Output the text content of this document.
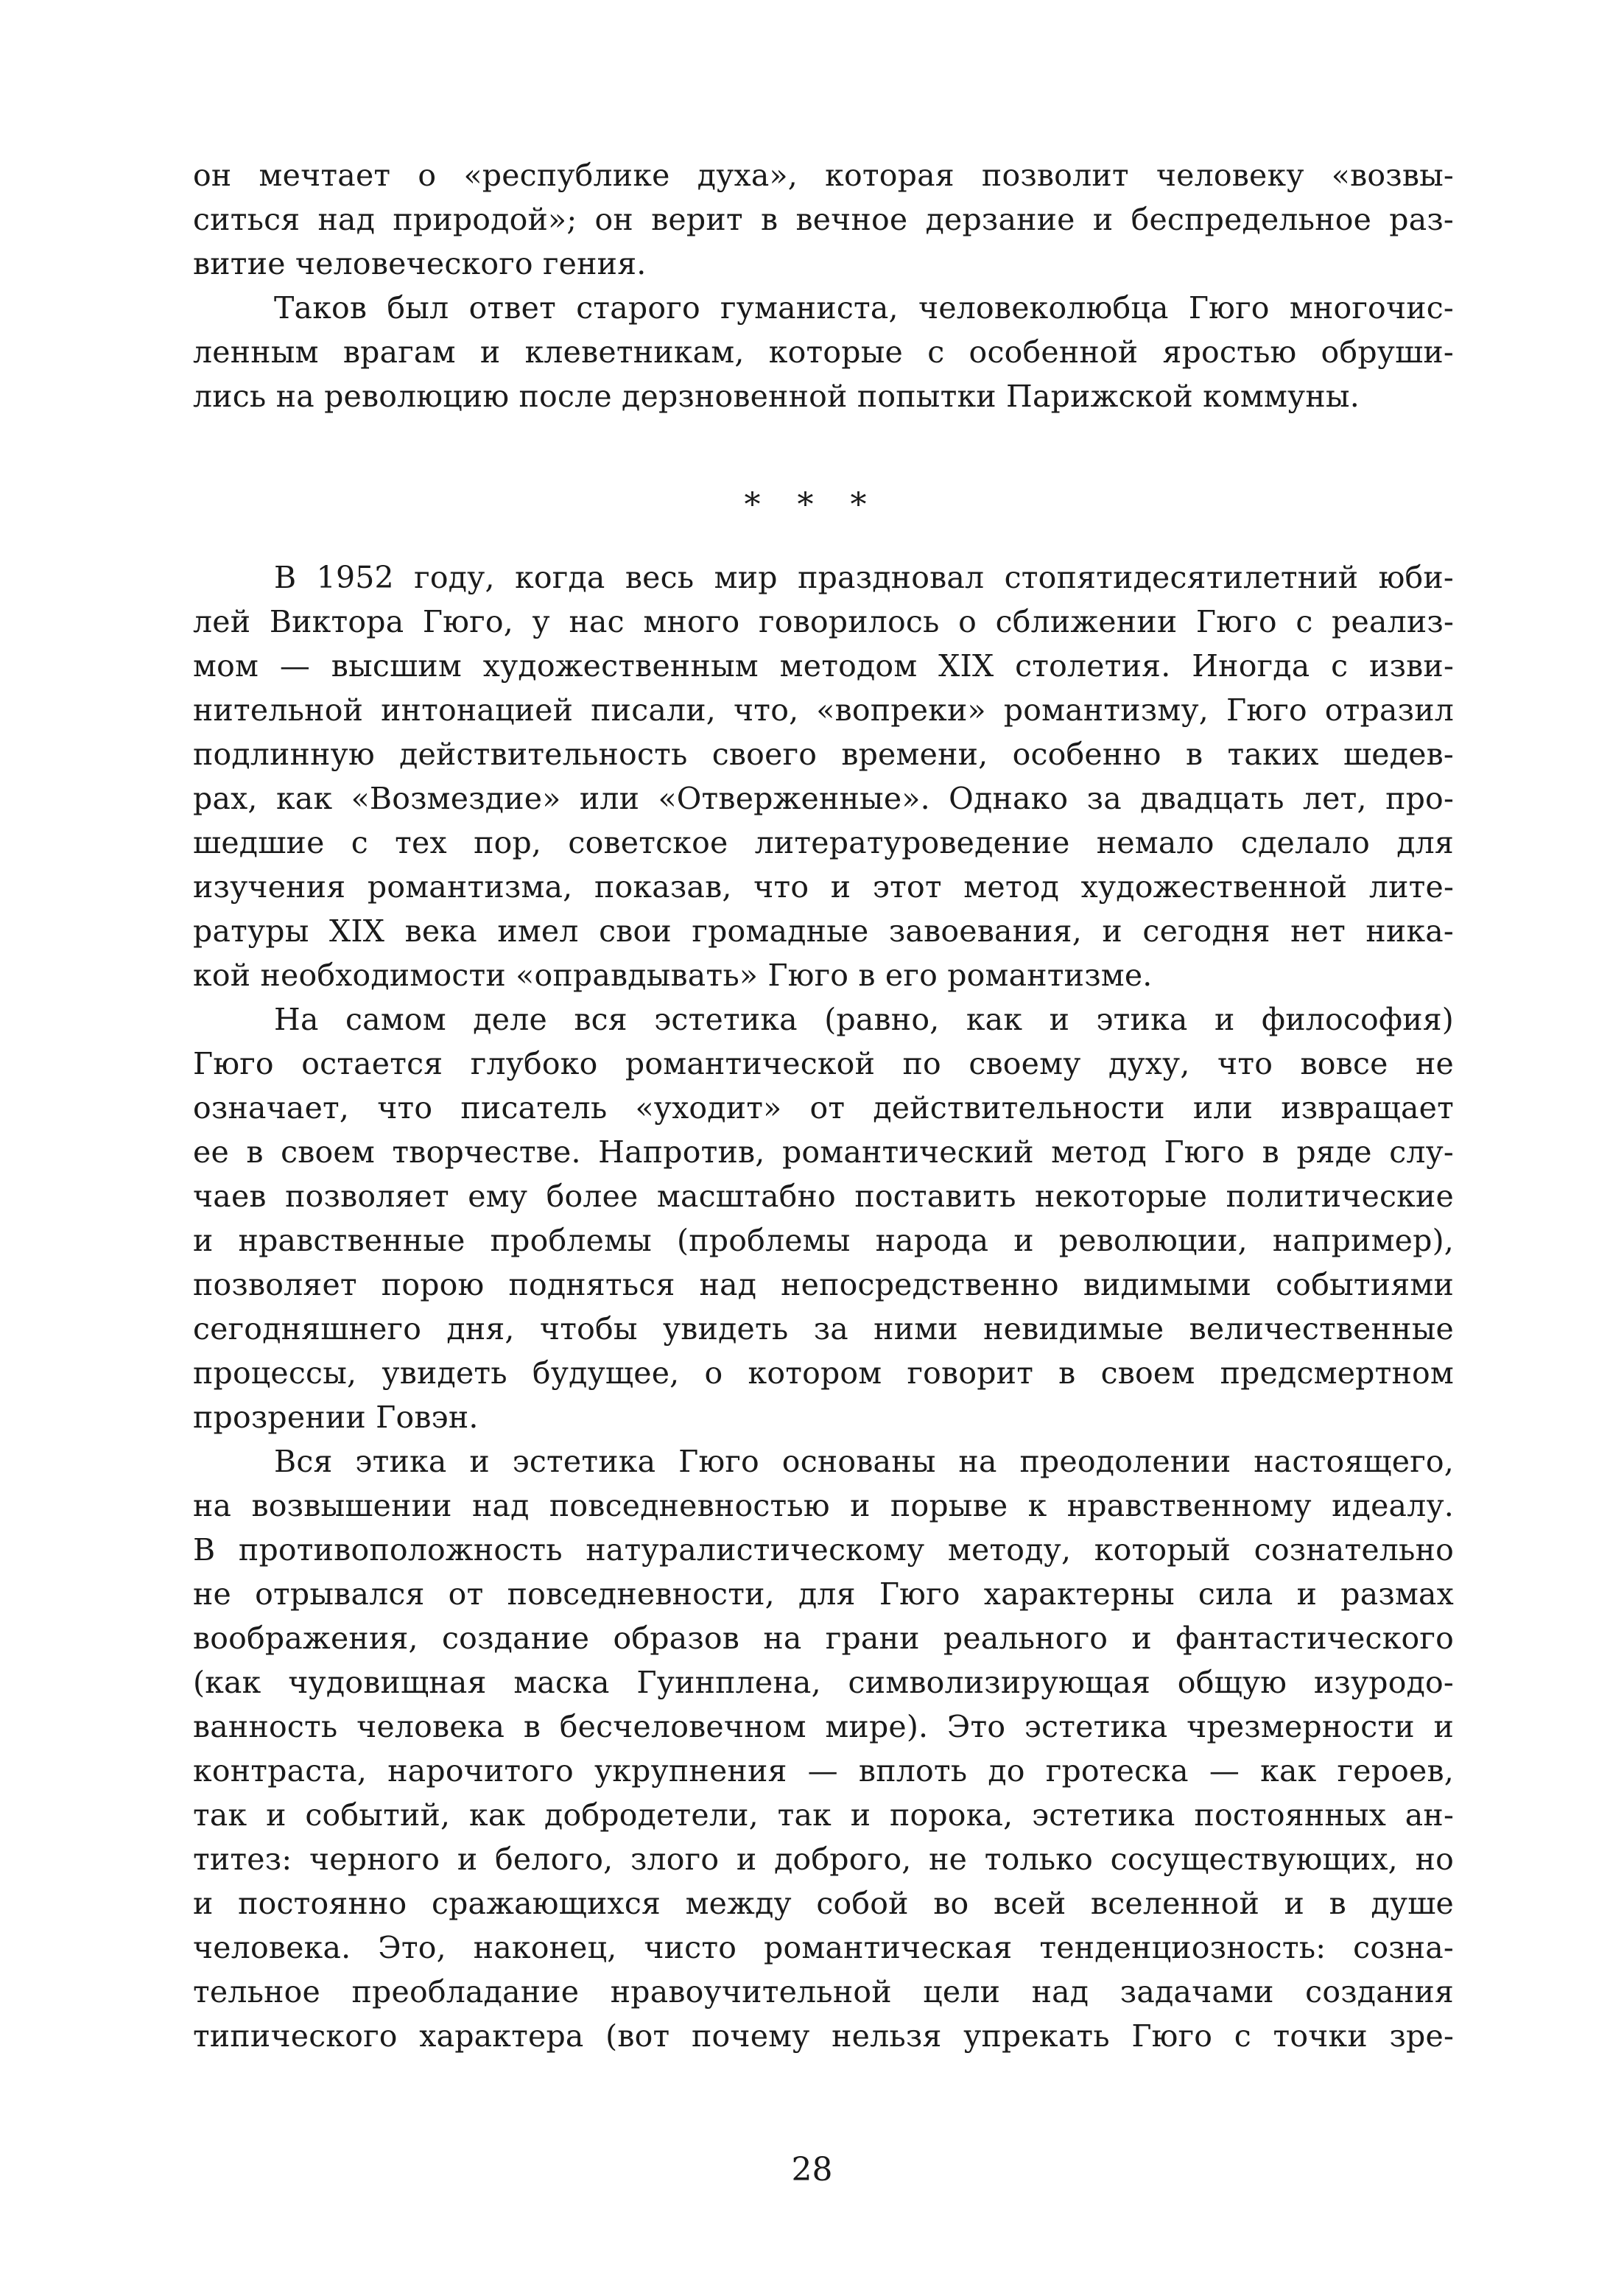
он мечтает о «республике духа», которая позволит человеку «возвы-
ситься над природой»; он верит в вечное дерзание и беспредельное раз-
витие человеческого гения.
Таков был ответ старого гуманиста, человеколюбца Гюго многочис-
ленным врагам и клеветникам, которые с особенной яростью обруши-
лись на революцию после дерзновенной попытки Парижской коммуны.
* * *
В 1952 году, когда весь мир праздновал стопятидесятилетний юби-
лей Виктора Гюго, у нас много говорилось о сближении Гюго с реализ-
мом — высшим художественным методом XIX столетия. Иногда с изви-
нительной интонацией писали, что, «вопреки» романтизму, Гюго отразил
подлинную действительность своего времени, особенно в таких шедев-
рах, как «Возмездие» или «Отверженные». Однако за двадцать лет, про-
шедшие с тех пор, советское литературоведение немало сделало для
изучения романтизма, показав, что и этот метод художественной лите-
ратуры XIX века имел свои громадные завоевания, и сегодня нет ника-
кой необходимости «оправдывать» Гюго в его романтизме.
На самом деле вся эстетика (равно, как и этика и философия)
Гюго остается глубоко романтической по своему духу, что вовсе не
означает, что писатель «уходит» от действительности или извращает
ее в своем творчестве. Напротив, романтический метод Гюго в ряде слу-
чаев позволяет ему более масштабно поставить некоторые политические
и нравственные проблемы (проблемы народа и революции, например),
позволяет порою подняться над непосредственно видимыми событиями
сегодняшнего дня, чтобы увидеть за ними невидимые величественные
процессы, увидеть будущее, о котором говорит в своем предсмертном
прозрении Говэн.
Вся этика и эстетика Гюго основаны на преодолении настоящего,
на возвышении над повседневностью и порыве к нравственному идеалу.
В противоположность натуралистическому методу, который сознательно
не отрывался от повседневности, для Гюго характерны сила и размах
воображения, создание образов на грани реального и фантастического
(как чудовищная маска Гуинплена, символизирующая общую изуродо-
ванность человека в бесчеловечном мире). Это эстетика чрезмерности и
контраста, нарочитого укрупнения — вплоть до гротеска — как героев,
так и событий, как добродетели, так и порока, эстетика постоянных ан-
титез: черного и белого, злого и доброго, не только сосуществующих, но
и постоянно сражающихся между собой во всей вселенной и в душе
человека. Это, наконец, чисто романтическая тенденциозность: созна-
тельное преобладание нравоучительной цели над задачами создания
типического характера (вот почему нельзя упрекать Гюго с точки зре-
28
